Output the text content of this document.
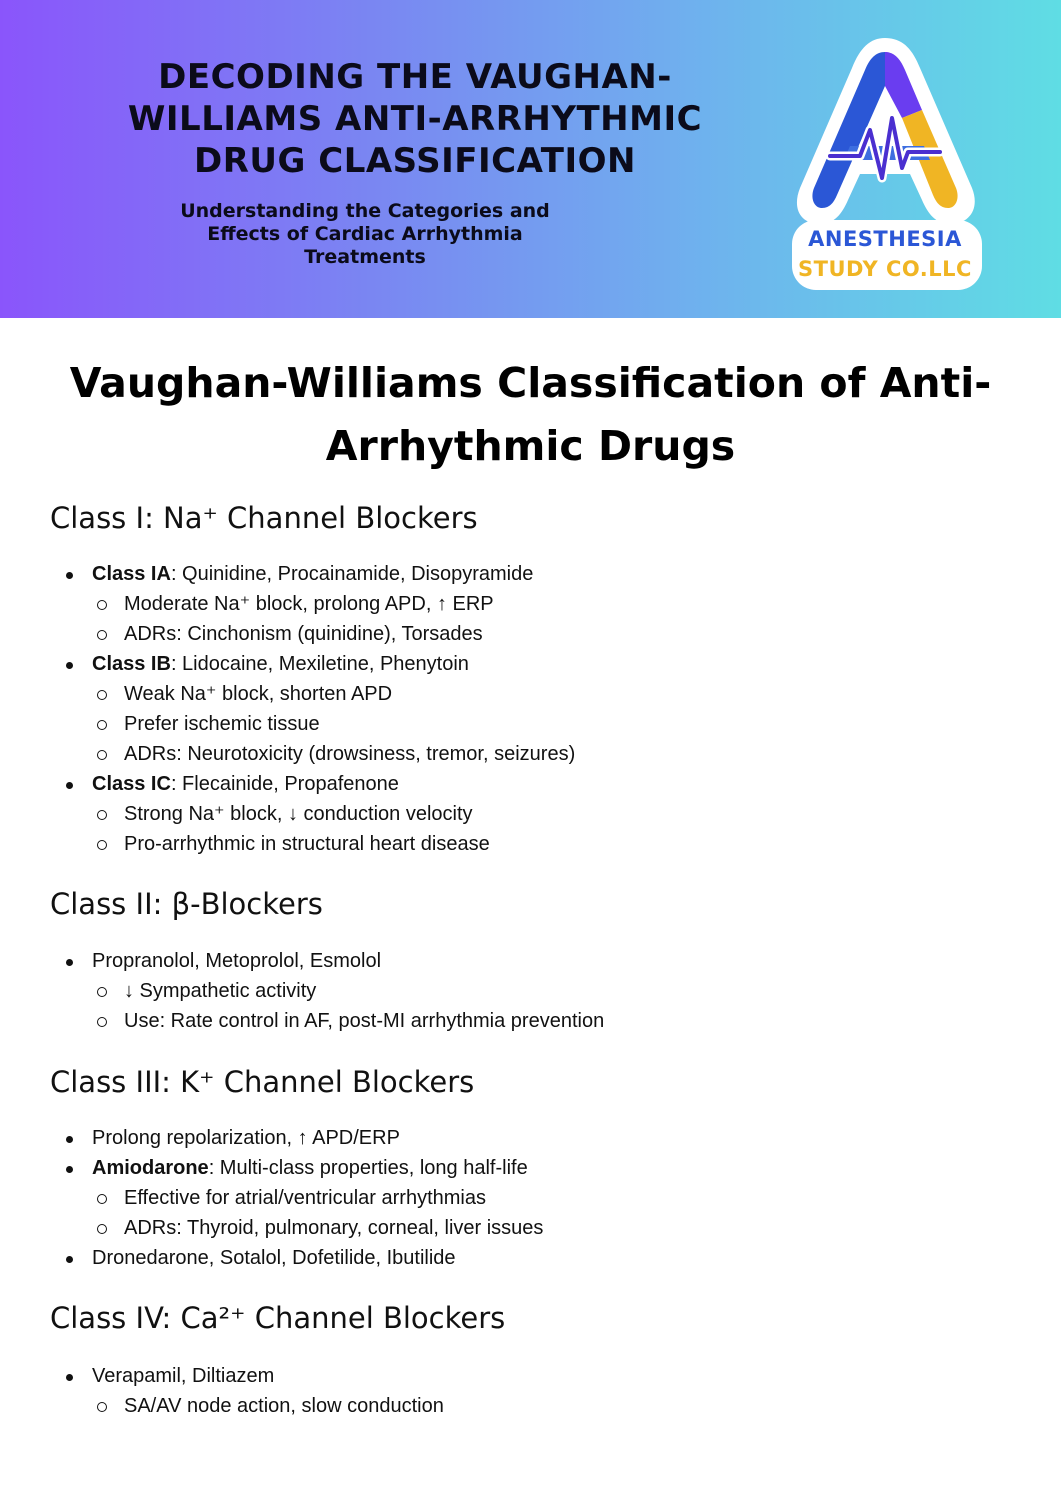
DECODING THE VAUGHAN-
WILLIAMS ANTI-ARRHYTHMIC
DRUG CLASSIFICATION
Understanding the Categories and
Effects of Cardiac Arrhythmia
Treatments
ANESTHESIA
STUDY CO.LLC
Vaughan-Williams Classification of Anti-
Arrhythmic Drugs
Class I: Na⁺ Channel Blockers
Class IA: Quinidine, Procainamide, Disopyramide
Moderate Na⁺ block, prolong APD, ↑ ERP
ADRs: Cinchonism (quinidine), Torsades
Class IB: Lidocaine, Mexiletine, Phenytoin
Weak Na⁺ block, shorten APD
Prefer ischemic tissue
ADRs: Neurotoxicity (drowsiness, tremor, seizures)
Class IC: Flecainide, Propafenone
Strong Na⁺ block, ↓ conduction velocity
Pro-arrhythmic in structural heart disease
Class II: β-Blockers
Propranolol, Metoprolol, Esmolol
↓ Sympathetic activity
Use: Rate control in AF, post-MI arrhythmia prevention
Class III: K⁺ Channel Blockers
Prolong repolarization, ↑ APD/ERP
Amiodarone: Multi-class properties, long half-life
Effective for atrial/ventricular arrhythmias
ADRs: Thyroid, pulmonary, corneal, liver issues
Dronedarone, Sotalol, Dofetilide, Ibutilide
Class IV: Ca²⁺ Channel Blockers
Verapamil, Diltiazem
SA/AV node action, slow conduction
